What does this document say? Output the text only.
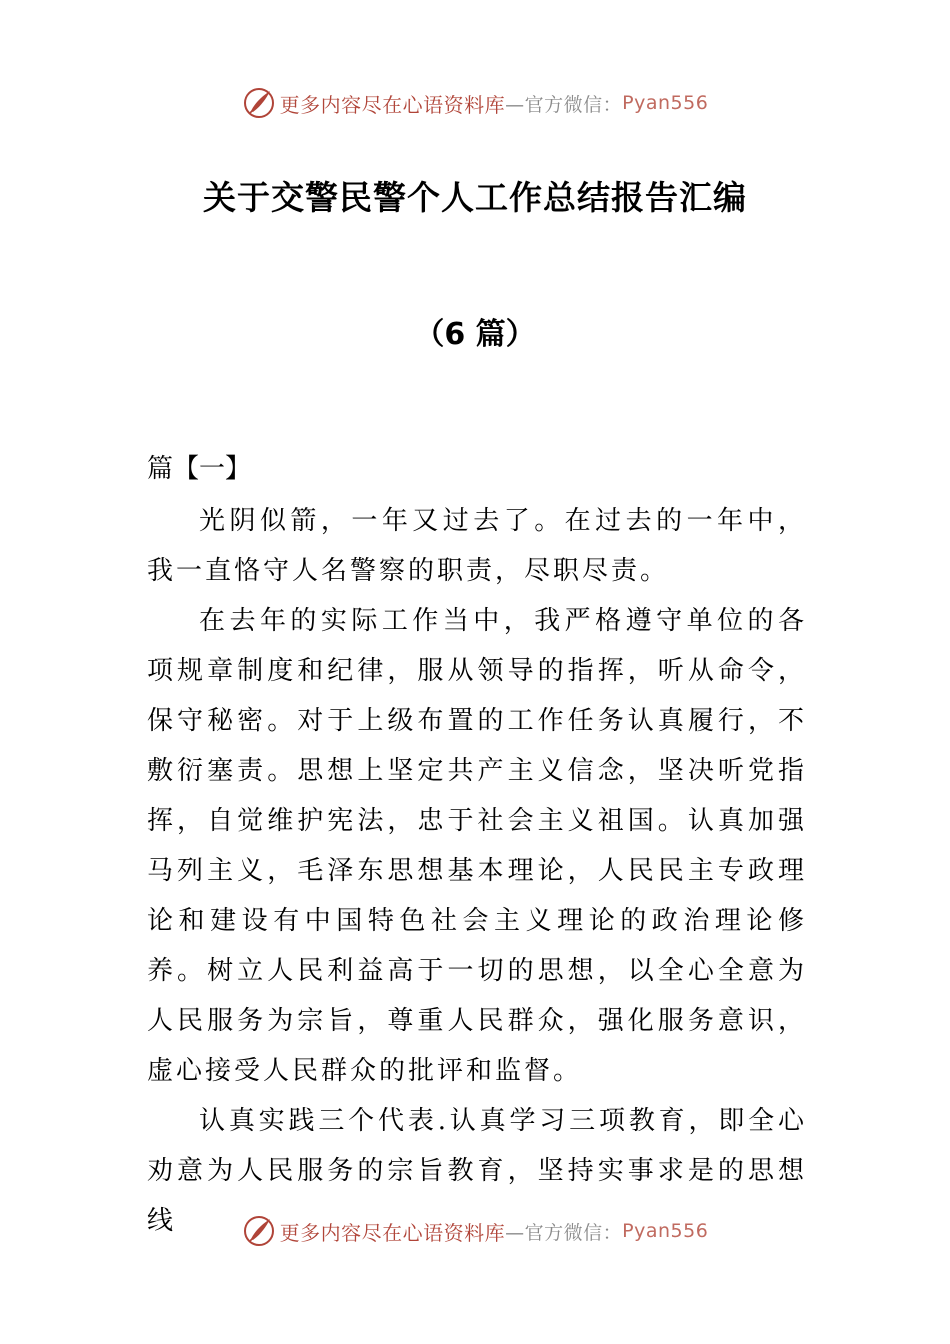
更多内容尽在心语资料库 —官方微信： Pyan556
关于交警民警个人工作总结报告汇编
（6 篇）
篇【一】

光阴似箭，一年又过去了。在过去的一年中，我一直恪守人名警察的职责，尽职尽责。

在去年的实际工作当中，我严格遵守单位的各项规章制度和纪律，服从领导的指挥，听从命令，保守秘密。对于上级布置的工作任务认真履行，不敷衍塞责。思想上坚定共产主义信念，坚决听党指挥，自觉维护宪法，忠于社会主义祖国。认真加强马列主义，毛泽东思想基本理论，人民民主专政理论和建设有中国特色社会主义理论的政治理论修养。树立人民利益高于一切的思想，以全心全意为人民服务为宗旨，尊重人民群众，强化服务意识，虚心接受人民群众的批评和监督。

认真实践三个代表.认真学习三项教育，即全心劝意为人民服务的宗旨教育，坚持实事求是的思想线	更多内容尽在心语资料库 —官方微信： Pyan556
